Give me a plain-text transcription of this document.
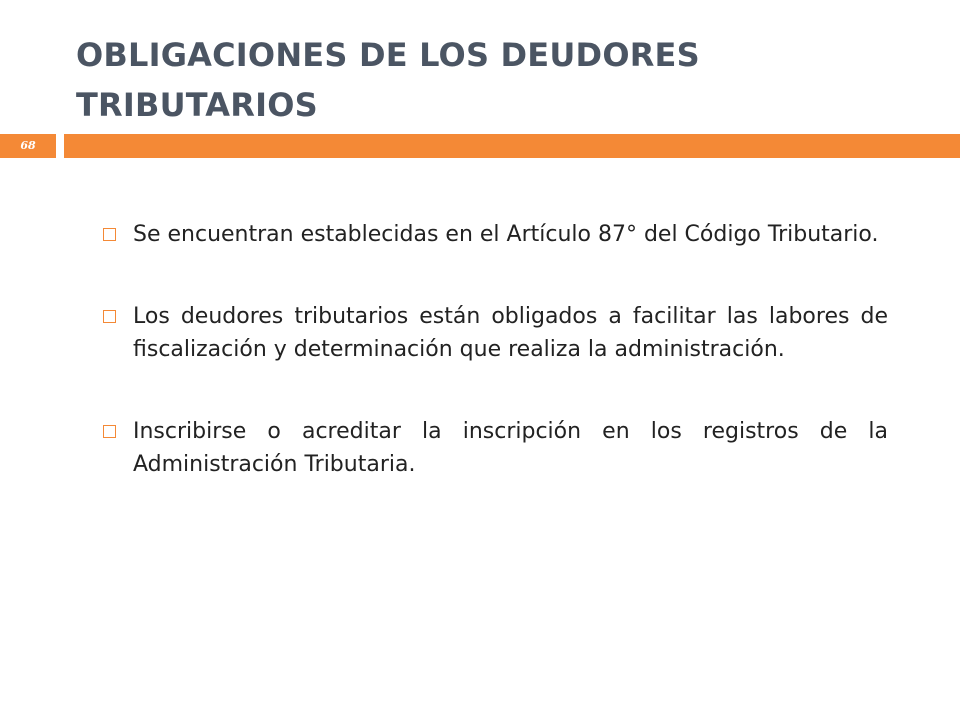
OBLIGACIONES DE LOS DEUDORES TRIBUTARIOS
68
Se encuentran establecidas en el Artículo 87° del Código Tributario.
Los deudores tributarios están obligados a facilitar las labores de fiscalización y determinación que realiza la administración.
Inscribirse o acreditar la inscripción en los registros de la Administración Tributaria.
